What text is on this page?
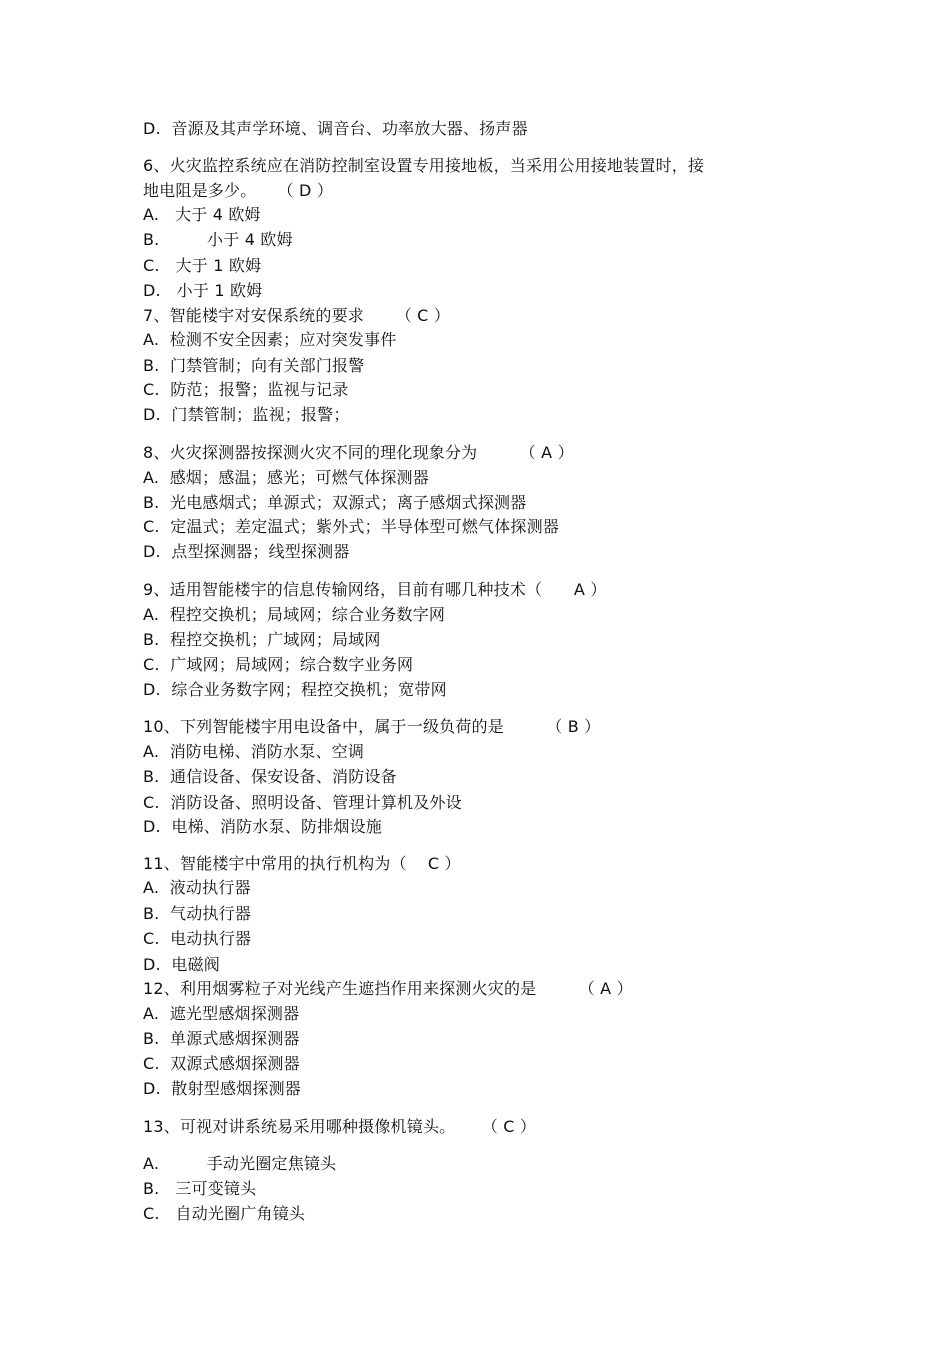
D.  音源及其声学环境、调音台、功率放大器、扬声器
6、火灾监控系统应在消防控制室设置专用接地板，当采用公用接地装置时，接
地电阻是多少。    （ D ）
A.   大于 4 欧姆
B.         小于 4 欧姆
C.   大于 1 欧姆
D.   小于 1 欧姆
7、智能楼宇对安保系统的要求      （ C ）
A.  检测不安全因素；应对突发事件
B.  门禁管制；向有关部门报警
C.  防范；报警；监视与记录
D.  门禁管制；监视；报警；
8、火灾探测器按探测火灾不同的理化现象分为        （ A ）
A.  感烟；感温；感光；可燃气体探测器
B.  光电感烟式；单源式；双源式；离子感烟式探测器
C.  定温式；差定温式；紫外式；半导体型可燃气体探测器
D.  点型探测器；线型探测器
9、适用智能楼宇的信息传输网络，目前有哪几种技术（      A ）
A.  程控交换机；局域网；综合业务数字网
B.  程控交换机；广域网；局域网
C.  广域网；局域网；综合数字业务网
D.  综合业务数字网；程控交换机；宽带网
10、下列智能楼宇用电设备中，属于一级负荷的是        （ B ）
A.  消防电梯、消防水泵、空调
B.  通信设备、保安设备、消防设备
C.  消防设备、照明设备、管理计算机及外设
D.  电梯、消防水泵、防排烟设施
11、智能楼宇中常用的执行机构为（    C ）
A.  液动执行器
B.  气动执行器
C.  电动执行器
D.  电磁阀
12、利用烟雾粒子对光线产生遮挡作用来探测火灾的是        （ A ）
A.  遮光型感烟探测器
B.  单源式感烟探测器
C.  双源式感烟探测器
D.  散射型感烟探测器
13、可视对讲系统易采用哪种摄像机镜头。     （ C ）
A.         手动光圈定焦镜头
B.   三可变镜头
C.   自动光圈广角镜头
